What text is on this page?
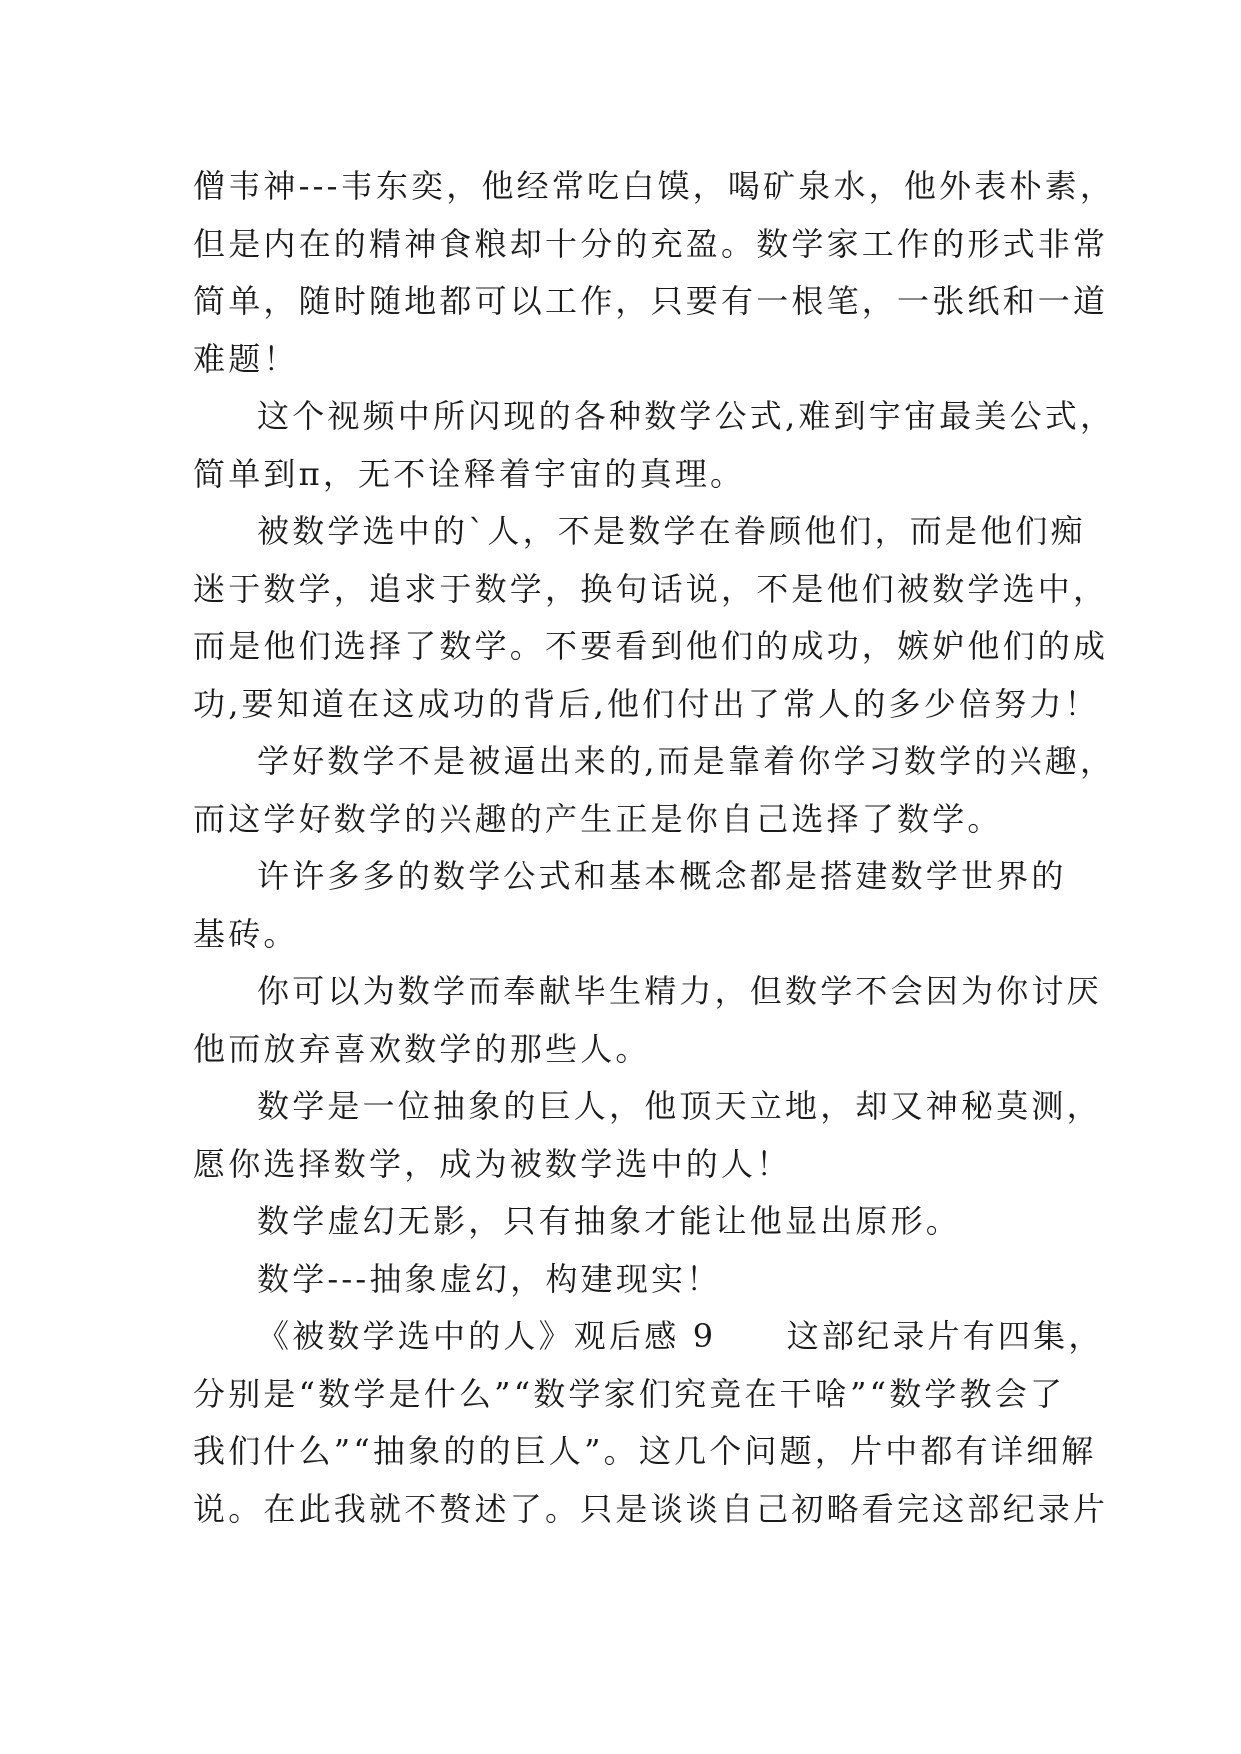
僧韦神---韦东奕，他经常吃白馍，喝矿泉水，他外表朴素，
但是内在的精神食粮却十分的充盈。数学家工作的形式非常
简单，随时随地都可以工作，只要有一根笔，一张纸和一道
难题！
这个视频中所闪现的各种数学公式,难到宇宙最美公式，
简单到π，无不诠释着宇宙的真理。
被数学选中的`人，不是数学在眷顾他们，而是他们痴
迷于数学，追求于数学，换句话说，不是他们被数学选中，
而是他们选择了数学。不要看到他们的成功，嫉妒他们的成
功,要知道在这成功的背后,他们付出了常人的多少倍努力！
学好数学不是被逼出来的,而是靠着你学习数学的兴趣，
而这学好数学的兴趣的产生正是你自己选择了数学。
许许多多的数学公式和基本概念都是搭建数学世界的
基砖。
你可以为数学而奉献毕生精力，但数学不会因为你讨厌
他而放弃喜欢数学的那些人。
数学是一位抽象的巨人，他顶天立地，却又神秘莫测，
愿你选择数学，成为被数学选中的人！
数学虚幻无影，只有抽象才能让他显出原形。
数学---抽象虚幻，构建现实！
《被数学选中的人》观后感 9　　这部纪录片有四集，
分别是“数学是什么”“数学家们究竟在干啥”“数学教会了
我们什么”“抽象的的巨人”。这几个问题，片中都有详细解
说。在此我就不赘述了。只是谈谈自己初略看完这部纪录片
